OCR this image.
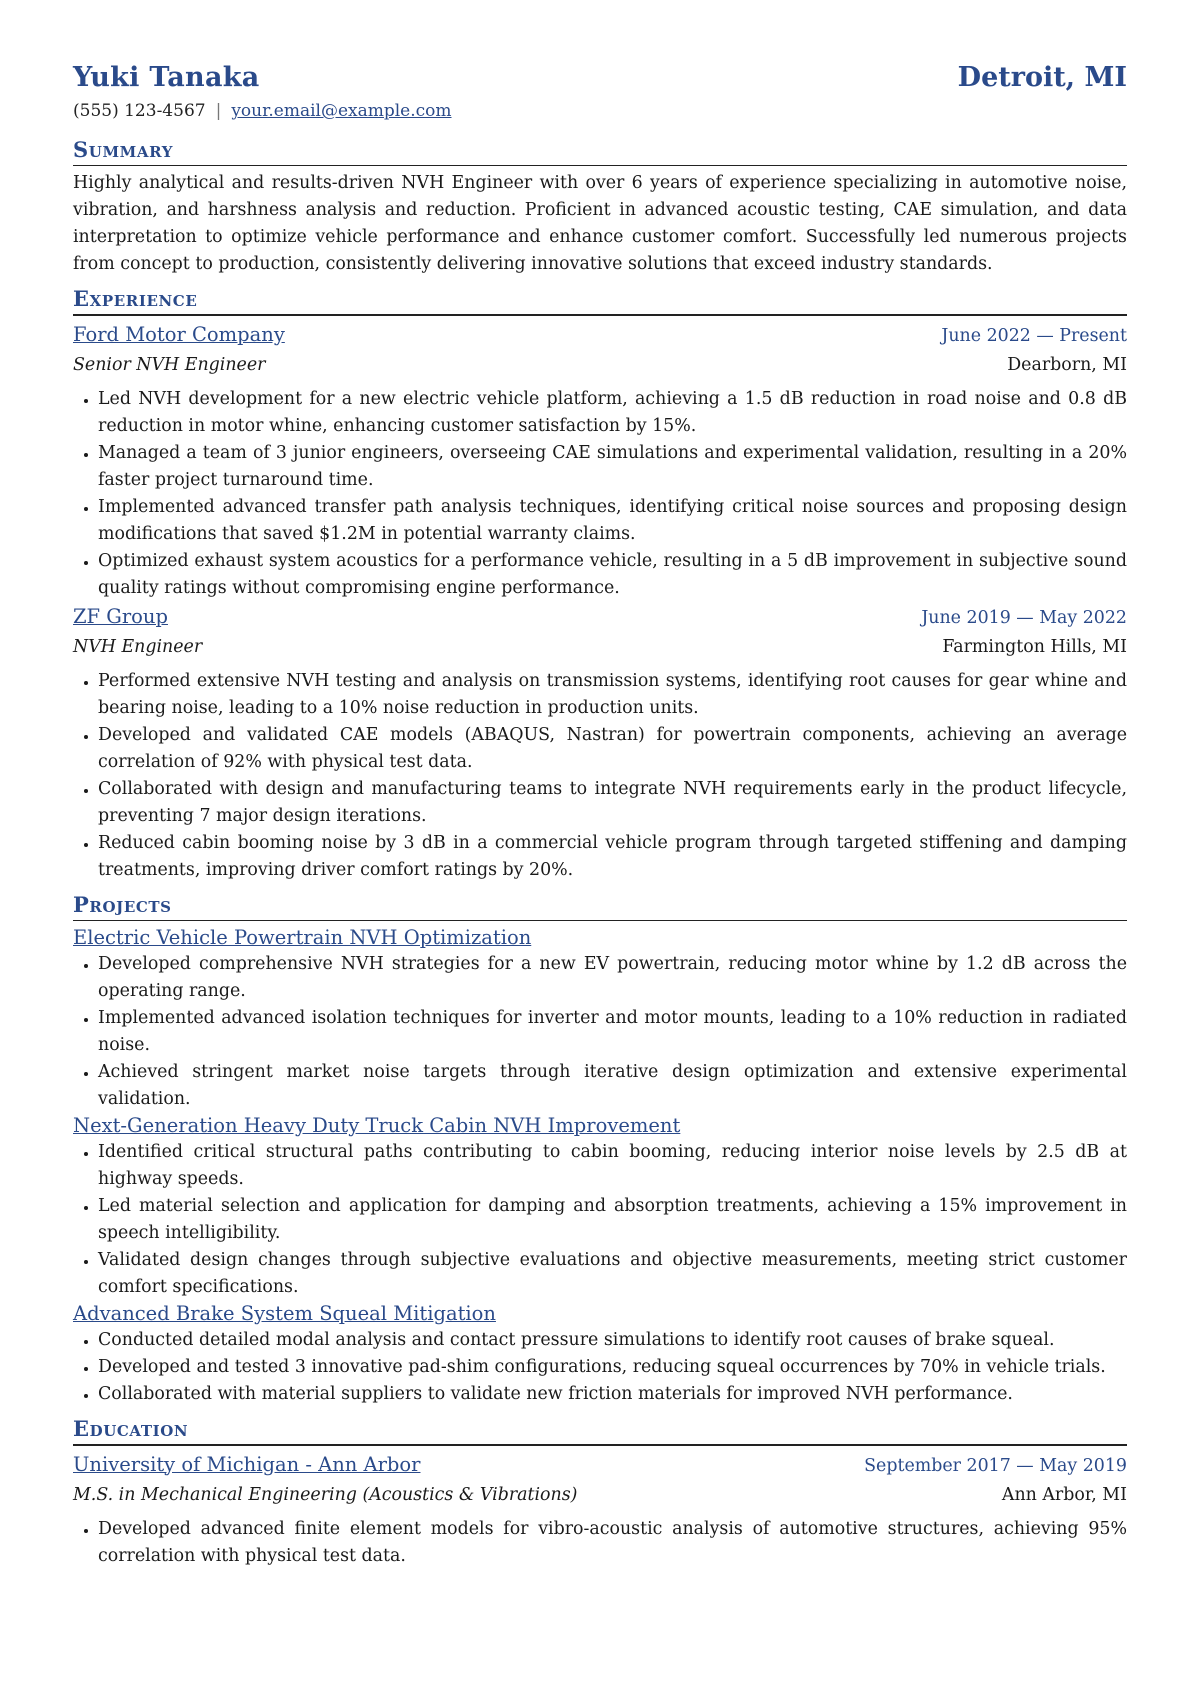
Yuki Tanaka	Detroit, MI
(555) 123-4567 | your.email@example.com
Summary
Highly analytical and results-driven NVH Engineer with over 6 years of experience specializing in automotive noise, vibration, and harshness analysis and reduction. Proficient in advanced acoustic testing, CAE simulation, and data interpretation to optimize vehicle performance and enhance customer comfort. Successfully led numerous projects from concept to production, consistently delivering innovative solutions that exceed industry standards.
Experience
Ford Motor Company	June 2022 — Present
Senior NVH Engineer	Dearborn, MI
• Led NVH development for a new electric vehicle platform, achieving a 1.5 dB reduction in road noise and 0.8 dB reduction in motor whine, enhancing customer satisfaction by 15%.
• Managed a team of 3 junior engineers, overseeing CAE simulations and experimental validation, resulting in a 20% faster project turnaround time.
• Implemented advanced transfer path analysis techniques, identifying critical noise sources and proposing design modifications that saved $1.2M in potential warranty claims.
• Optimized exhaust system acoustics for a performance vehicle, resulting in a 5 dB improvement in subjective sound quality ratings without compromising engine performance.
ZF Group	June 2019 — May 2022
NVH Engineer	Farmington Hills, MI
• Performed extensive NVH testing and analysis on transmission systems, identifying root causes for gear whine and bearing noise, leading to a 10% noise reduction in production units.
• Developed and validated CAE models (ABAQUS, Nastran) for powertrain components, achieving an average correlation of 92% with physical test data.
• Collaborated with design and manufacturing teams to integrate NVH requirements early in the product lifecycle, preventing 7 major design iterations.
• Reduced cabin booming noise by 3 dB in a commercial vehicle program through targeted stiffening and damping treatments, improving driver comfort ratings by 20%.
Projects
Electric Vehicle Powertrain NVH Optimization
• Developed comprehensive NVH strategies for a new EV powertrain, reducing motor whine by 1.2 dB across the operating range.
• Implemented advanced isolation techniques for inverter and motor mounts, leading to a 10% reduction in radiated noise.
• Achieved stringent market noise targets through iterative design optimization and extensive experimental validation.
Next-Generation Heavy Duty Truck Cabin NVH Improvement
• Identified critical structural paths contributing to cabin booming, reducing interior noise levels by 2.5 dB at highway speeds.
• Led material selection and application for damping and absorption treatments, achieving a 15% improvement in speech intelligibility.
• Validated design changes through subjective evaluations and objective measurements, meeting strict customer comfort specifications.
Advanced Brake System Squeal Mitigation
• Conducted detailed modal analysis and contact pressure simulations to identify root causes of brake squeal.
• Developed and tested 3 innovative pad-shim configurations, reducing squeal occurrences by 70% in vehicle trials.
• Collaborated with material suppliers to validate new friction materials for improved NVH performance.
Education
University of Michigan - Ann Arbor	September 2017 — May 2019
M.S. in Mechanical Engineering (Acoustics & Vibrations)	Ann Arbor, MI
• Developed advanced finite element models for vibro-acoustic analysis of automotive structures, achieving 95% correlation with physical test data.
